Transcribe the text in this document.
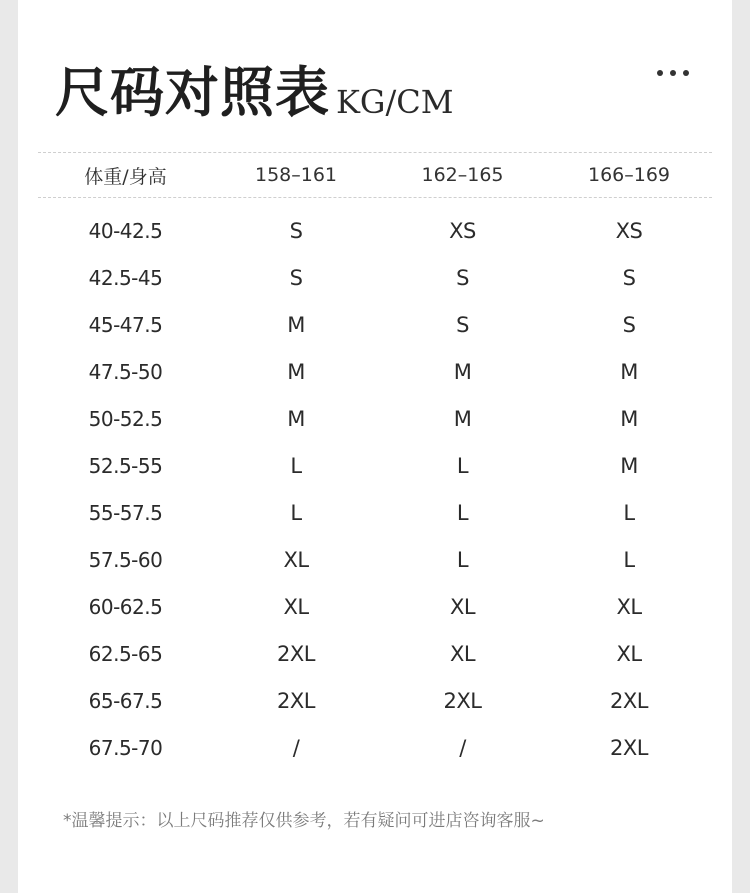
尺码对照表 KG/CM
体重/身高	158–161	162–165	166–169
40-42.5	S	XS	XS
42.5-45	S	S	S
45-47.5	M	S	S
47.5-50	M	M	M
50-52.5	M	M	M
52.5-55	L	L	M
55-57.5	L	L	L
57.5-60	XL	L	L
60-62.5	XL	XL	XL
62.5-65	2XL	XL	XL
65-67.5	2XL	2XL	2XL
67.5-70	/	/	2XL
*温馨提示：以上尺码推荐仅供参考，若有疑问可进店咨询客服~
